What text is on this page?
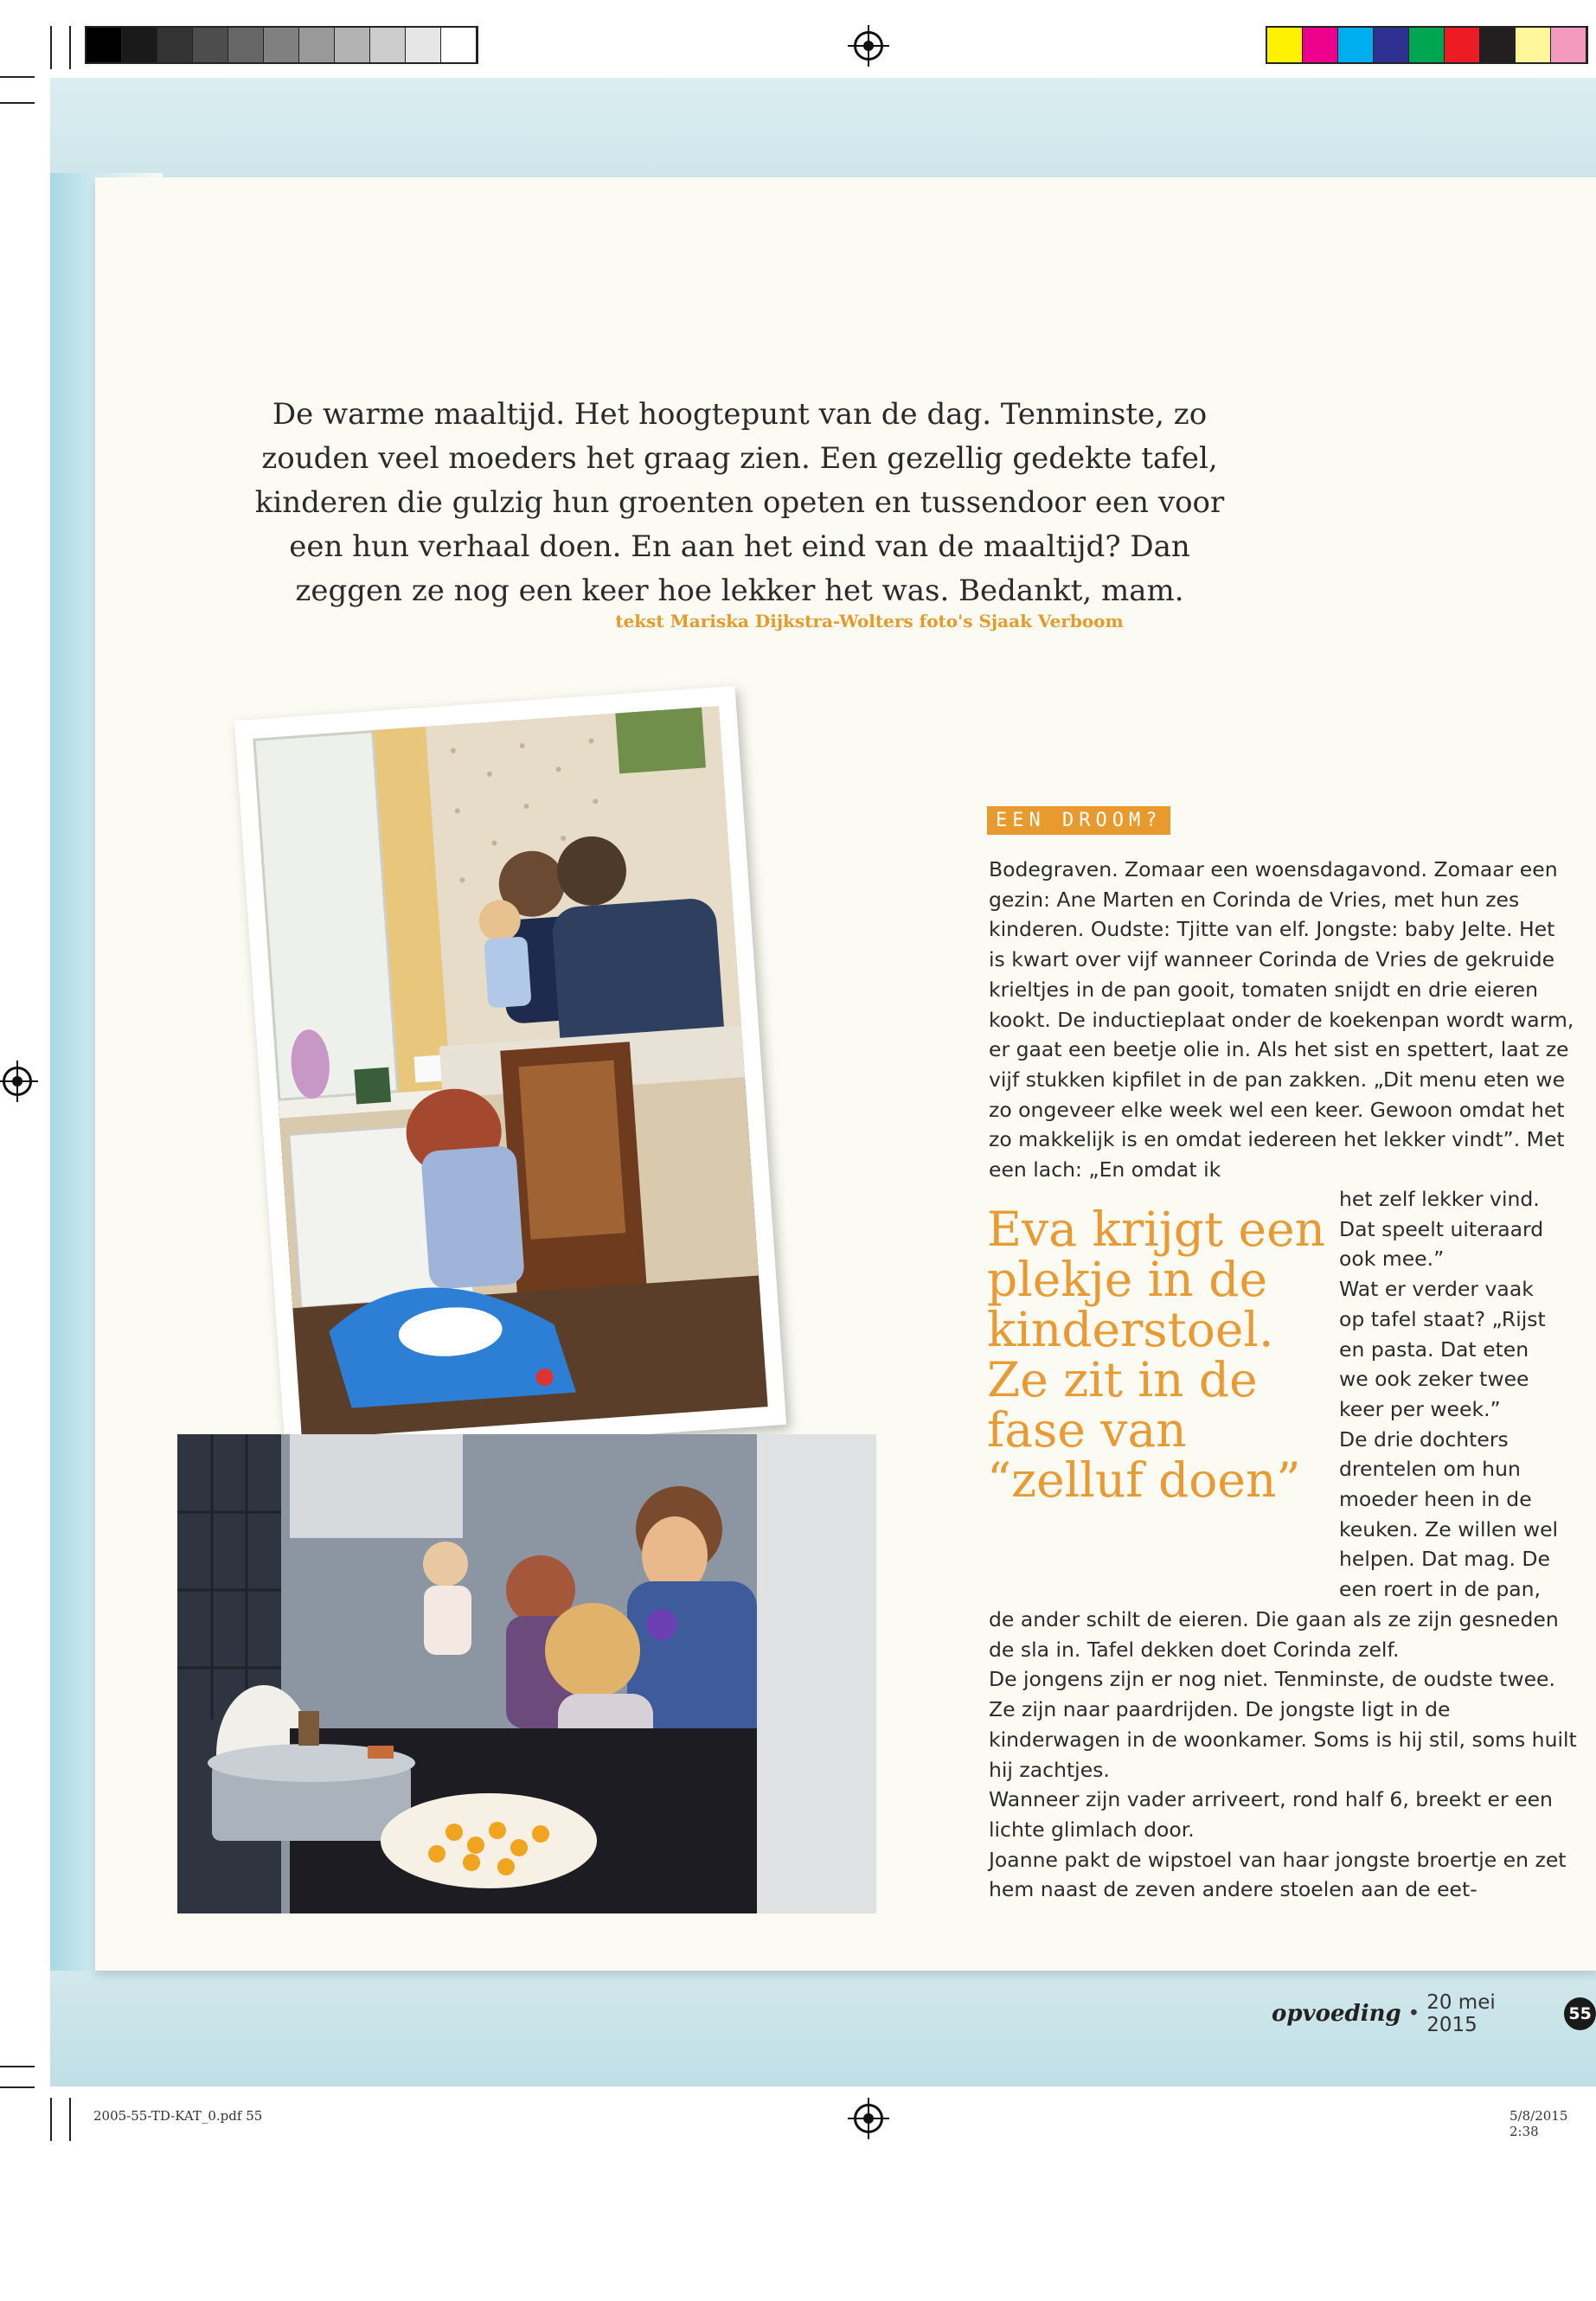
De warme maaltijd. Het hoogtepunt van de dag. Tenminste, zo zouden veel moeders het graag zien. Een gezellig gedekte tafel, kinderen die gulzig hun groenten opeten en tussendoor een voor een hun verhaal doen. En aan het eind van de maaltijd? Dan zeggen ze nog een keer hoe lekker het was. Bedankt, mam.

tekst Mariska Dijkstra-Wolters foto's Sjaak Verboom
EEN DROOM?

Bodegraven. Zomaar een woensdagavond. Zomaar een gezin: Ane Marten en Corinda de Vries, met hun zes kinderen. Oudste: Tjitte van elf. Jongste: baby Jelte. Het is kwart over vijf wanneer Corinda de Vries de gekruide krieltjes in de pan gooit, tomaten snijdt en drie eieren kookt. De inductieplaat onder de koekenpan wordt warm, er gaat een beetje olie in. Als het sist en spettert, laat ze vijf stukken kipfilet in de pan zakken. „Dit menu eten we zo ongeveer elke week wel een keer. Gewoon omdat het zo makkelijk is en omdat iedereen het lekker vindt”. Met een lach: „En omdat ik

Eva krijgt een plekje in de kinderstoel. Ze zit in de fase van “zelluf doen”

het zelf lekker vind. Dat speelt uiteraard ook mee.”

Wat er verder vaak op tafel staat? „Rijst en pasta. Dat eten we ook zeker twee keer per week.”

De drie dochters drentelen om hun moeder heen in de keuken. Ze willen wel helpen. Dat mag. De een roert in de pan,

de ander schilt de eieren. Die gaan als ze zijn gesneden de sla in. Tafel dekken doet Corinda zelf.

De jongens zijn er nog niet. Tenminste, de oudste twee. Ze zijn naar paardrijden. De jongste ligt in de kinderwagen in de woonkamer. Soms is hij stil, soms huilt hij zachtjes.

Wanneer zijn vader arriveert, rond half 6, breekt er een lichte glimlach door.

Joanne pakt de wipstoel van haar jongste broertje en zet hem naast de zeven andere stoelen aan de eet-

opvoeding • 20 mei 2015	55
2005-55-TD-KAT_0.pdf 55	5/8/2015 2:38
